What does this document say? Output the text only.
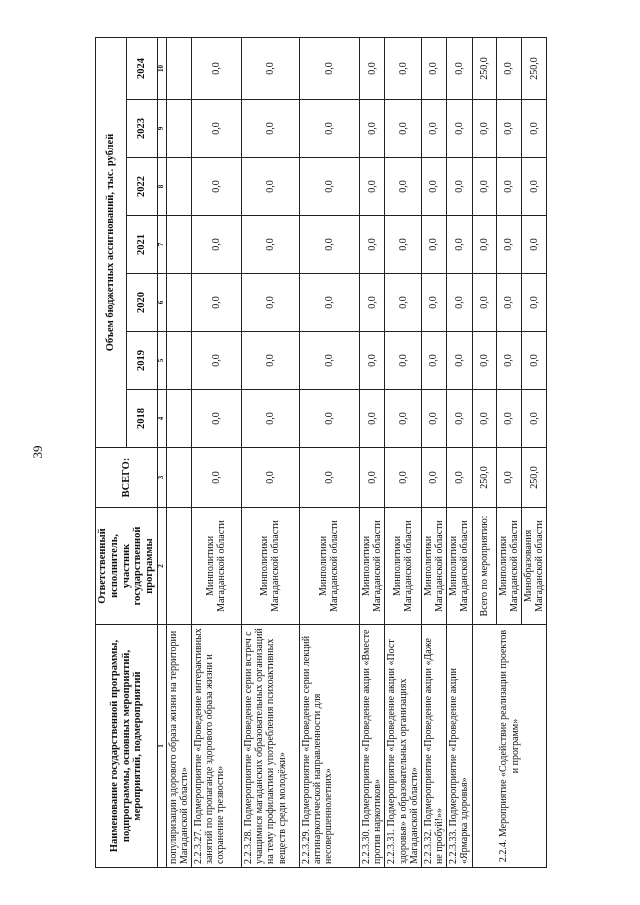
39
Наименование государственной программы, подпрограммы, основных мероприятий, мероприятий, подмероприятий	Ответственный исполнитель, участник государственной программы	ВСЕГО:	Объем бюджетных ассигнований, тыс. рублей						
			2018	2019	2020	2021	2022	2023	2024
1	2	3	4	5	6	7	8	9	10
популяризации здорового образа жизни на территории Магаданской области»									
2.2.3.27. Подмероприятие «Проведение интерактивных занятий по пропаганде здорового образа жизни и сохранение трезвости»	Минполитики Магаданской области	0,0	0,0	0,0	0,0	0,0	0,0	0,0	0,0
2.2.3.28. Подмероприятие «Проведение серии встреч с учащимися магаданских образовательных организаций на тему профилактики употребления психоактивных веществ среди молодёжи»	Минполитики Магаданской области	0,0	0,0	0,0	0,0	0,0	0,0	0,0	0,0
2.2.3.29. Подмероприятие «Проведение серии лекций антинаркотической направленности для несовершеннолетних»	Минполитики Магаданской области	0,0	0,0	0,0	0,0	0,0	0,0	0,0	0,0
2.2.3.30. Подмероприятие «Проведение акции «Вместе против наркотиков»	Минполитики Магаданской области	0,0	0,0	0,0	0,0	0,0	0,0	0,0	0,0
2.2.3.31. Подмероприятие «Проведение акции «Пост здоровья» в образовательных организациях Магаданской области»	Минполитики Магаданской области	0,0	0,0	0,0	0,0	0,0	0,0	0,0	0,0
2.2.3.32. Подмероприятие «Проведение акции «Даже не пробуй!»»	Минполитики Магаданской области	0,0	0,0	0,0	0,0	0,0	0,0	0,0	0,0
2.2.3.33. Подмероприятие «Проведение акции «Ярмарка здоровья»	Минполитики Магаданской области	0,0	0,0	0,0	0,0	0,0	0,0	0,0	0,0
2.2.4. Мероприятие «Содействие реализации проектов и программ»	Всего по мероприятию:	250,0	0,0	0,0	0,0	0,0	0,0	0,0	250,0
	Минполитики Магаданской области	0,0	0,0	0,0	0,0	0,0	0,0	0,0	0,0
	Минобразования Магаданской области	250,0	0,0	0,0	0,0	0,0	0,0	0,0	250,0
